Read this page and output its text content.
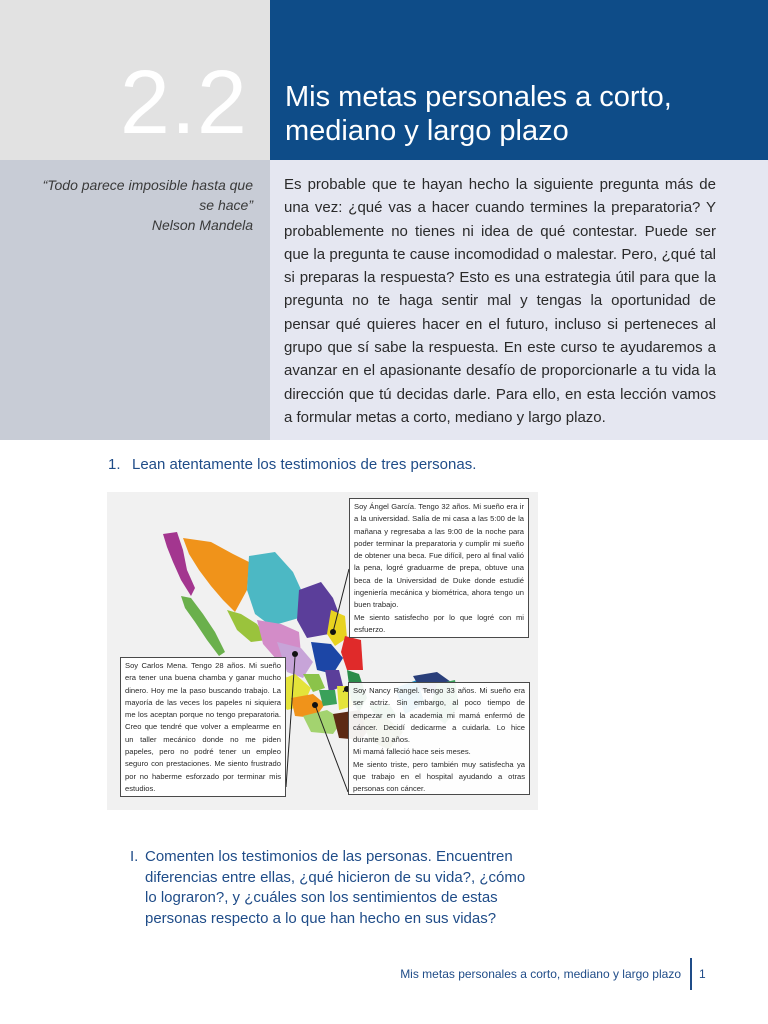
2.2 Mis metas personales a corto, mediano y largo plazo
“Todo parece imposible hasta que se hace”
Nelson Mandela

Es probable que te hayan hecho la siguiente pregunta más de una vez: ¿qué vas a hacer cuando termines la preparatoria? Y probablemente no tienes ni idea de qué contestar. Puede ser que la pregunta te cause incomodidad o malestar. Pero, ¿qué tal si preparas la respuesta? Esto es una estrategia útil para que la pregunta no te haga sentir mal y tengas la oportunidad de pensar qué quieres hacer en el futuro, incluso si perteneces al grupo que sí sabe la respuesta. En este curso te ayudaremos a avanzar en el apasionante desafío de proporcionarle a tu vida la dirección que tú decidas darle. Para ello, en esta lección vamos a formular metas a corto, mediano y largo plazo.

1. Lean atentamente los testimonios de tres personas.
Soy Ángel García. Tengo 32 años. Mi sueño era ir a la universidad. Salía de mi casa a las 5:00 de la mañana y regresaba a las 9:00 de la noche para poder terminar la preparatoria y cumplir mi sueño de obtener una beca. Fue difícil, pero al final valió la pena, logré graduarme de prepa, obtuve una beca de la Universidad de Duke donde estudié ingeniería mecánica y biométrica, ahora tengo un buen trabajo.
Me siento satisfecho por lo que logré con mi esfuerzo.
Soy Carlos Mena. Tengo 28 años. Mi sueño era tener una buena chamba y ganar mucho dinero. Hoy me la paso buscando trabajo. La mayoría de las veces los papeles ni siquiera me los aceptan porque no tengo preparatoria. Creo que tendré que volver a emplearme en un taller mecánico donde no me piden papeles, pero no podré tener un empleo seguro con prestaciones. Me siento frustrado por no haberme esforzado por terminar mis estudios.
Soy Nancy Rangel. Tengo 33 años. Mi sueño era ser actriz. Sin embargo, al poco tiempo de empezar en la academia mi mamá enfermó de cáncer. Decidí dedicarme a cuidarla. Lo hice durante 10 años.
Mi mamá falleció hace seis meses.
Me siento triste, pero también muy satisfecha ya que trabajo en el hospital ayudando a otras personas con cáncer.
I. Comenten los testimonios de las personas. Encuentren diferencias entre ellas, ¿qué hicieron de su vida?, ¿cómo lo lograron?, y ¿cuáles son los sentimientos de estas personas respecto a lo que han hecho en sus vidas?
Mis metas personales a corto, mediano y largo plazo 1
